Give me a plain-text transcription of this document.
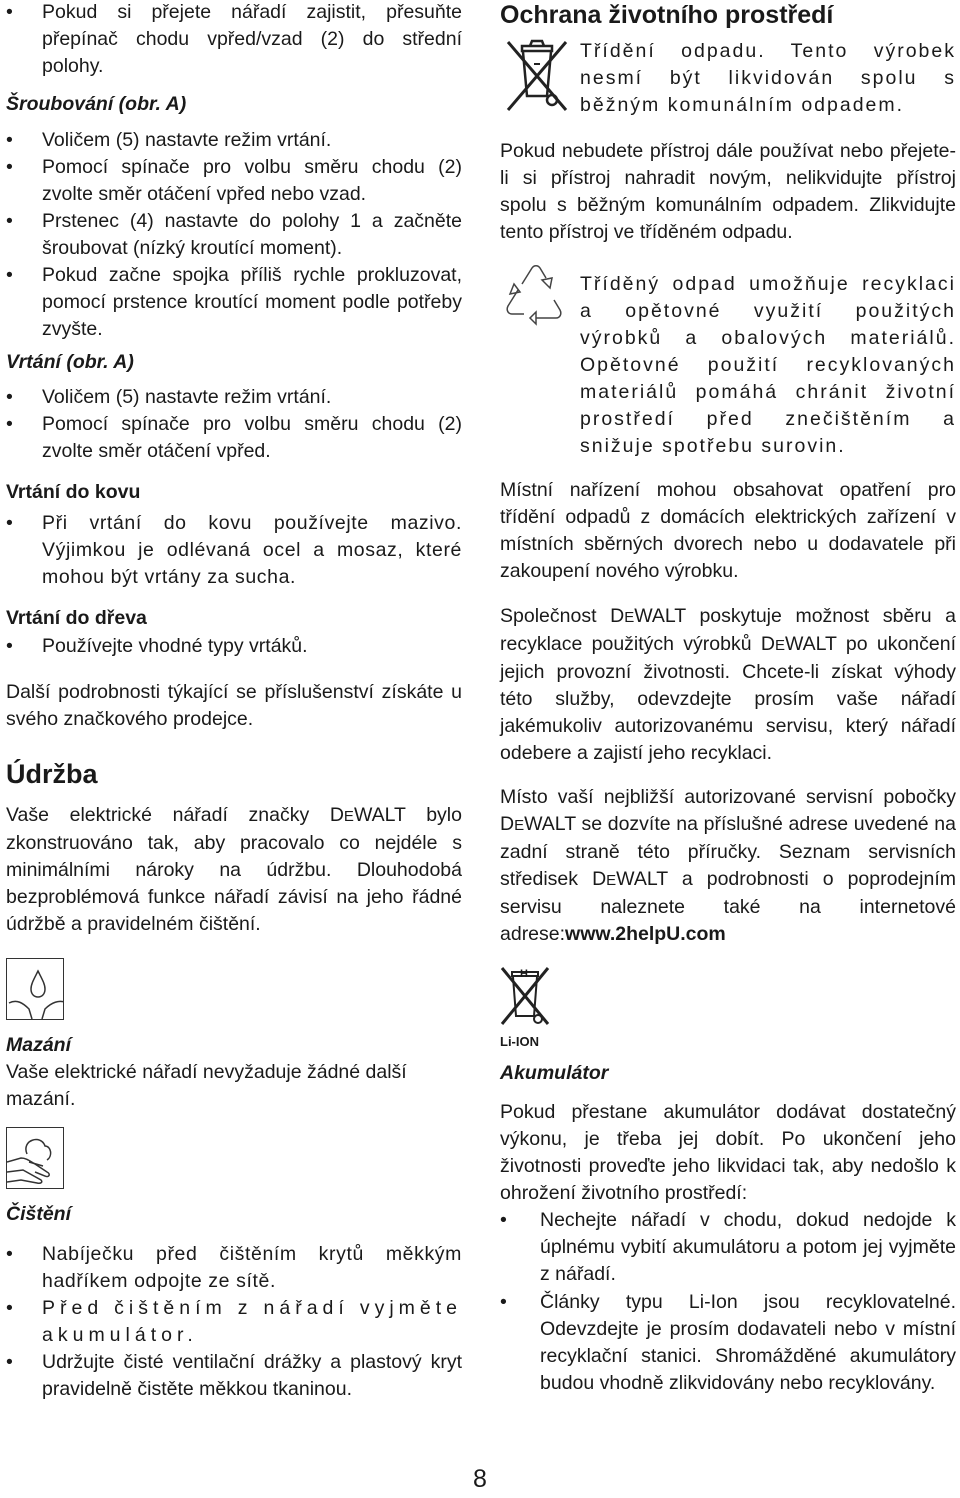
• Pokud si přejete nářadí zajistit, přesuňte přepínač chodu vpřed/vzad (2) do střední polohy.

Šroubování (obr. A)

• Voličem (5) nastavte režim vrtání.
• Pomocí spínače pro volbu směru chodu (2) zvolte směr otáčení vpřed nebo vzad.
• Prstenec (4) nastavte do polohy 1 a začněte šroubovat (nízký kroutící moment).
• Pokud začne spojka příliš rychle prokluzovat, pomocí prstence kroutící moment podle potřeby zvyšte.

Vrtání (obr. A)

• Voličem (5) nastavte režim vrtání.
• Pomocí spínače pro volbu směru chodu (2) zvolte směr otáčení vpřed.

Vrtání do kovu

• Při vrtání do kovu používejte mazivo. Výjimkou je odlévaná ocel a mosaz, které mohou být vrtány za sucha.

Vrtání do dřeva

• Používejte vhodné typy vrtáků.

Další podrobnosti týkající se příslušenství získáte u svého značkového prodejce.

Údržba

Vaše elektrické nářadí značky DEWALT bylo zkonstruováno tak, aby pracovalo co nejdéle s minimálními nároky na údržbu. Dlouhodobá bezproblémová funkce nářadí závisí na jeho řádné údržbě a pravidelném čištění.

Mazání

Vaše elektrické nářadí nevyžaduje žádné další mazání.

Čištění

• Nabíječku před čištěním krytů měkkým hadříkem odpojte ze sítě.
• Před čištěním z nářadí vyjměte akumulátor.
• Udržujte čisté ventilační drážky a plastový kryt pravidelně čistěte měkkou tkaninou.

Ochrana životního prostředí

Třídění odpadu. Tento výrobek nesmí být likvidován spolu s běžným komunálním odpadem.

Pokud nebudete přístroj dále používat nebo přejete-li si přístroj nahradit novým, nelikvidujte přístroj spolu s běžným komunálním odpadem. Zlikvidujte tento přístroj ve tříděném odpadu.

Tříděný odpad umožňuje recyklaci a opětovné využití použitých výrobků a obalových materiálů. Opětovné použití recyklovaných materiálů pomáhá chránit životní prostředí před znečištěním a snižuje spotřebu surovin.

Místní nařízení mohou obsahovat opatření pro třídění odpadů z domácích elektrických zařízení v místních sběrných dvorech nebo u dodavatele při zakoupení nového výrobku.

Společnost DEWALT poskytuje možnost sběru a recyklace použitých výrobků DEWALT po ukončení jejich provozní životnosti. Chcete-li získat výhody této služby, odevzdejte prosím vaše nářadí jakémukoliv autorizovanému servisu, který nářadí odebere a zajistí jeho recyklaci.

Místo vaší nejbližší autorizované servisní pobočky DEWALT se dozvíte na příslušné adrese uvedené na zadní straně této příručky. Seznam servisních středisek DEWALT a podrobnosti o poprodejním servisu naleznete také na internetové adrese:www.2helpU.com

H
Li-ION

Akumulátor

Pokud přestane akumulátor dodávat dostatečný výkonu, je třeba jej dobít. Po ukončení jeho životnosti proveďte jeho likvidaci tak, aby nedošlo k ohrožení životního prostředí:

• Nechejte nářadí v chodu, dokud nedojde k úplnému vybití akumulátoru a potom jej vyjměte z nářadí.
• Články typu Li-Ion jsou recyklovatelné. Odevzdejte je prosím dodavateli nebo v místní recyklační stanici. Shromážděné akumulátory budou vhodně zlikvidovány nebo recyklovány.
8
